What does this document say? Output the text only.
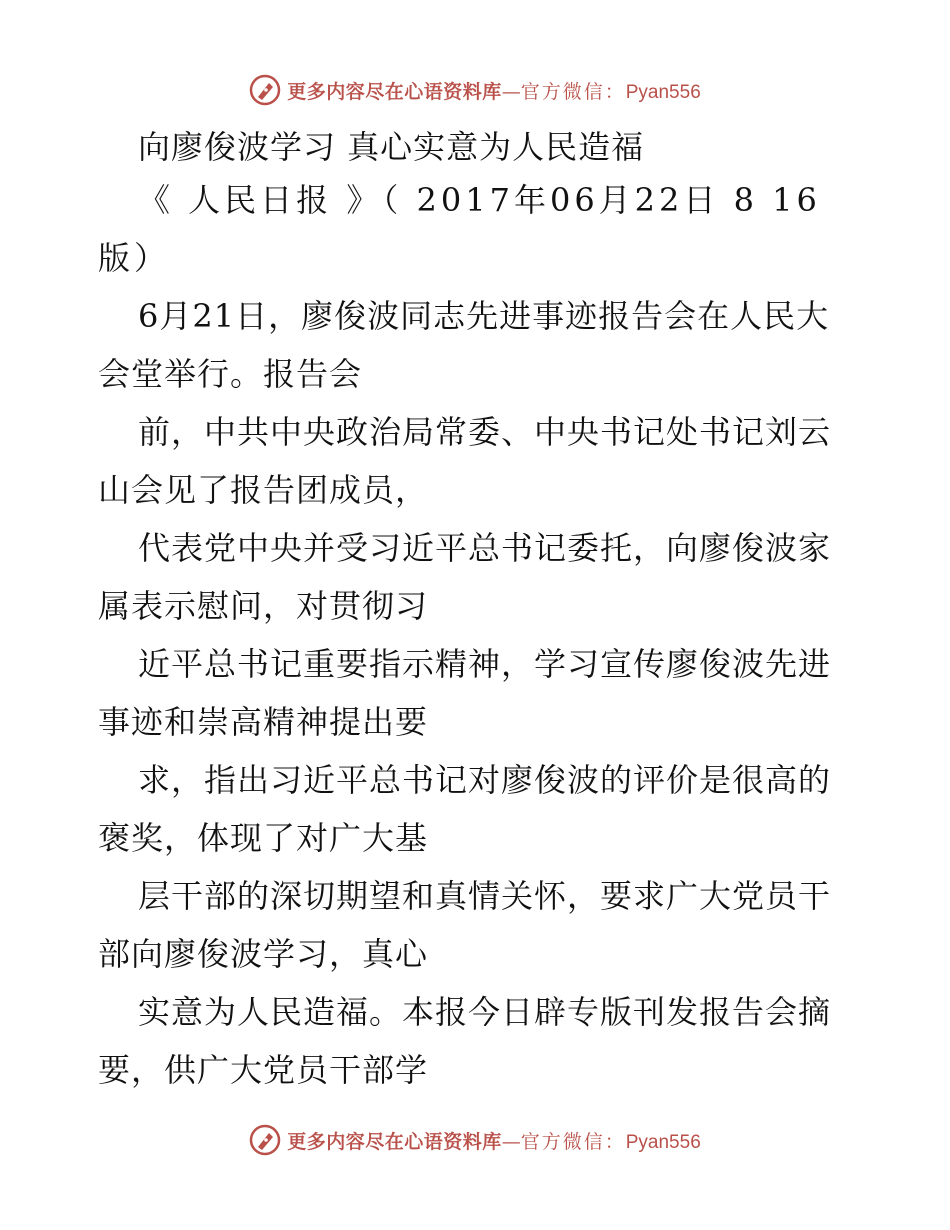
更多内容尽在心语资料库 — 官方微信： Pyan556
向廖俊波学习 真心实意为人民造福

《 人民日报 》（ 2017年06月22日 8 16 版）

6月21日，廖俊波同志先进事迹报告会在人民大会堂举行。报告会

前，中共中央政治局常委、中央书记处书记刘云山会见了报告团成员，

代表党中央并受习近平总书记委托，向廖俊波家属表示慰问，对贯彻习

近平总书记重要指示精神，学习宣传廖俊波先进事迹和崇高精神提出要

求，指出习近平总书记对廖俊波的评价是很高的褒奖，体现了对广大基

层干部的深切期望和真情关怀，要求广大党员干部向廖俊波学习，真心

实意为人民造福。本报今日辟专版刊发报告会摘要，供广大党员干部学

更多内容尽在心语资料库 — 官方微信： Pyan556
